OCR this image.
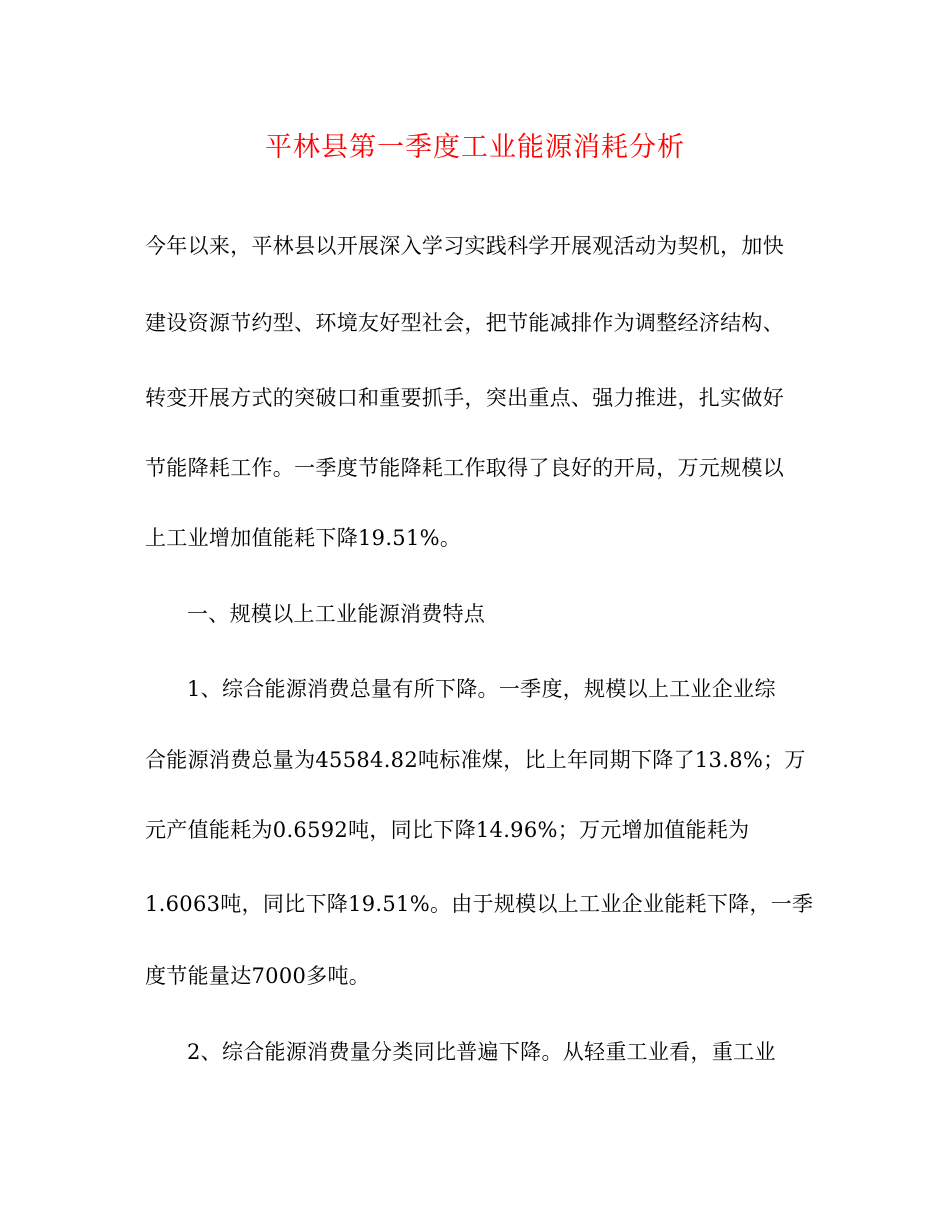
平林县第一季度工业能源消耗分析
今年以来，平林县以开展深入学习实践科学开展观活动为契机，加快
建设资源节约型、环境友好型社会，把节能减排作为调整经济结构、
转变开展方式的突破口和重要抓手，突出重点、强力推进，扎实做好
节能降耗工作。一季度节能降耗工作取得了良好的开局，万元规模以
上工业增加值能耗下降19.51%。
一、规模以上工业能源消费特点
1、综合能源消费总量有所下降。一季度，规模以上工业企业综
合能源消费总量为45584.82吨标准煤，比上年同期下降了13.8%；万
元产值能耗为0.6592吨，同比下降14.96%；万元增加值能耗为
1.6063吨，同比下降19.51%。由于规模以上工业企业能耗下降，一季
度节能量达7000多吨。
2、综合能源消费量分类同比普遍下降。从轻重工业看，重工业
